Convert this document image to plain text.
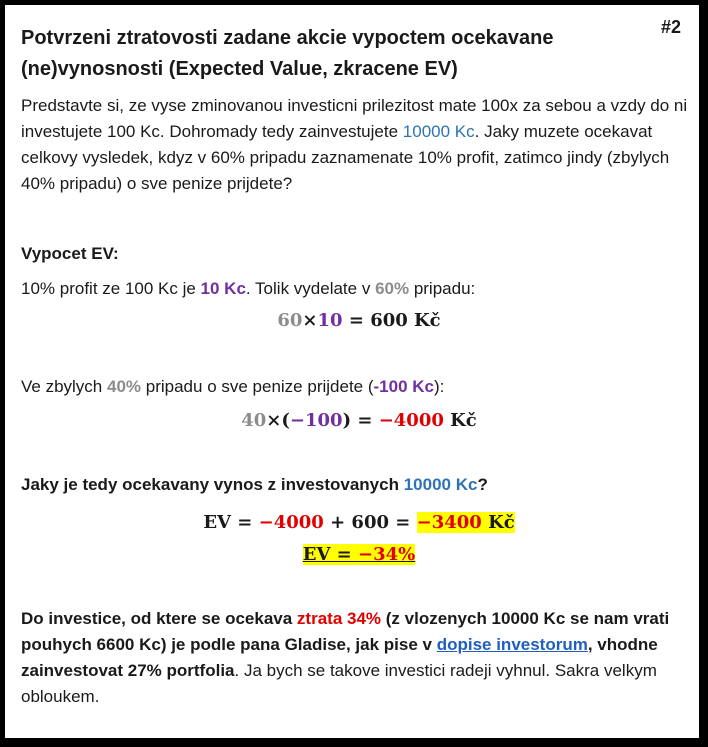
#2
Potvrzeni ztratovosti zadane akcie vypoctem ocekavane (ne)vynosnosti (Expected Value, zkracene EV)

Predstavte si, ze vyse zminovanou investicni prilezitost mate 100x za sebou a vzdy do ni investujete 100 Kc. Dohromady tedy zainvestujete 10000 Kc. Jaky muzete ocekavat celkovy vysledek, kdyz v 60% pripadu zaznamenate 10% profit, zatimco jindy (zbylych 40% pripadu) o sve penize prijdete?

Vypocet EV:

10% profit ze 100 Kc je 10 Kc. Tolik vydelate v 60% pripadu:

60×10 = 600 Kč

Ve zbylych 40% pripadu o sve penize prijdete (-100 Kc):

40×(−100) = −4000 Kč
Jaky je tedy ocekavany vynos z investovanych 10000 Kc?
EV = −4000 + 600 = −3400 Kč
EV = −34%

Do investice, od ktere se ocekava ztrata 34% (z vlozenych 10000 Kc se nam vrati pouhych 6600 Kc) je podle pana Gladise, jak pise v dopise investorum, vhodne zainvestovat 27% portfolia. Ja bych se takove investici radeji vyhnul. Sakra velkym obloukem.
